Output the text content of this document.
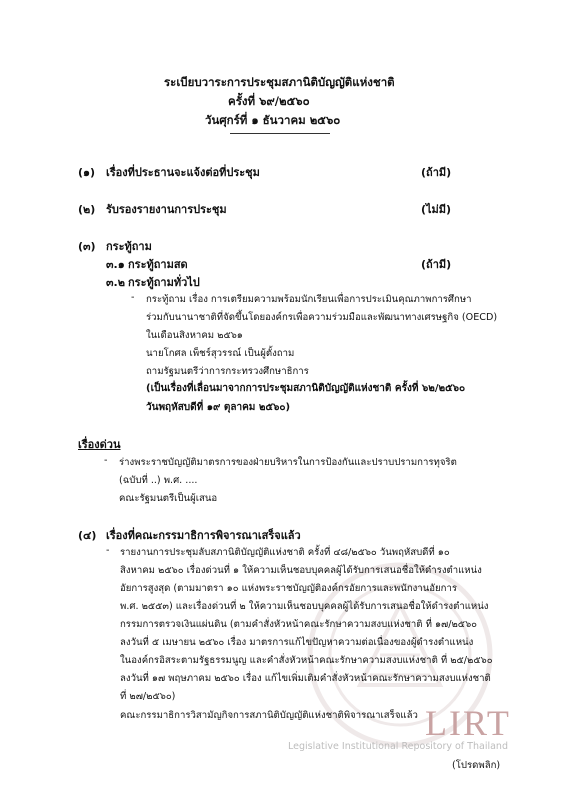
LIRT
Legislative Institutional Repository of Thailand
ระเบียบวาระการประชุมสภานิติบัญญัติแห่งชาติ
ครั้งที่ ๖๙/๒๕๖๐
วันศุกร์ที่ ๑ ธันวาคม ๒๕๖๐
(๑) เรื่องที่ประธานจะแจ้งต่อที่ประชุม	(ถ้ามี)
(๒) รับรองรายงานการประชุม	(ไม่มี)
(๓) กระทู้ถาม
๓.๑ กระทู้ถามสด	(ถ้ามี)
๓.๒ กระทู้ถามทั่วไป
- กระทู้ถาม เรื่อง การเตรียมความพร้อมนักเรียนเพื่อการประเมินคุณภาพการศึกษา
ร่วมกับนานาชาติที่จัดขึ้นโดยองค์กรเพื่อความร่วมมือและพัฒนาทางเศรษฐกิจ (OECD)
ในเดือนสิงหาคม ๒๕๖๑
นายโกศล เพ็ชร์สุวรรณ์ เป็นผู้ตั้งถาม
ถามรัฐมนตรีว่าการกระทรวงศึกษาธิการ
(เป็นเรื่องที่เลื่อนมาจากการประชุมสภานิติบัญญัติแห่งชาติ ครั้งที่ ๖๒/๒๕๖๐
วันพฤหัสบดีที่ ๑๙ ตุลาคม ๒๕๖๐)
เรื่องด่วน
- ร่างพระราชบัญญัติมาตรการของฝ่ายบริหารในการป้องกันและปราบปรามการทุจริต
(ฉบับที่ ..) พ.ศ. ....
คณะรัฐมนตรีเป็นผู้เสนอ
(๔) เรื่องที่คณะกรรมาธิการพิจารณาเสร็จแล้ว
- รายงานการประชุมลับสภานิติบัญญัติแห่งชาติ ครั้งที่ ๔๘/๒๕๖๐ วันพฤหัสบดีที่ ๑๐
สิงหาคม ๒๕๖๐ เรื่องด่วนที่ ๑ ให้ความเห็นชอบบุคคลผู้ได้รับการเสนอชื่อให้ดำรงตำแหน่ง
อัยการสูงสุด (ตามมาตรา ๑๐ แห่งพระราชบัญญัติองค์กรอัยการและพนักงานอัยการ
พ.ศ. ๒๕๕๓) และเรื่องด่วนที่ ๒ ให้ความเห็นชอบบุคคลผู้ได้รับการเสนอชื่อให้ดำรงตำแหน่ง
กรรมการตรวจเงินแผ่นดิน (ตามคำสั่งหัวหน้าคณะรักษาความสงบแห่งชาติ ที่ ๑๗/๒๕๖๐
ลงวันที่ ๕ เมษายน ๒๕๖๐ เรื่อง มาตรการแก้ไขปัญหาความต่อเนื่องของผู้ดำรงตำแหน่ง
ในองค์กรอิสระตามรัฐธรรมนูญ และคำสั่งหัวหน้าคณะรักษาความสงบแห่งชาติ ที่ ๒๕/๒๕๖๐
ลงวันที่ ๑๗ พฤษภาคม ๒๕๖๐ เรื่อง แก้ไขเพิ่มเติมคำสั่งหัวหน้าคณะรักษาความสงบแห่งชาติ
ที่ ๒๗/๒๕๖๐)
คณะกรรมาธิการวิสามัญกิจการสภานิติบัญญัติแห่งชาติพิจารณาเสร็จแล้ว
(โปรดพลิก)
